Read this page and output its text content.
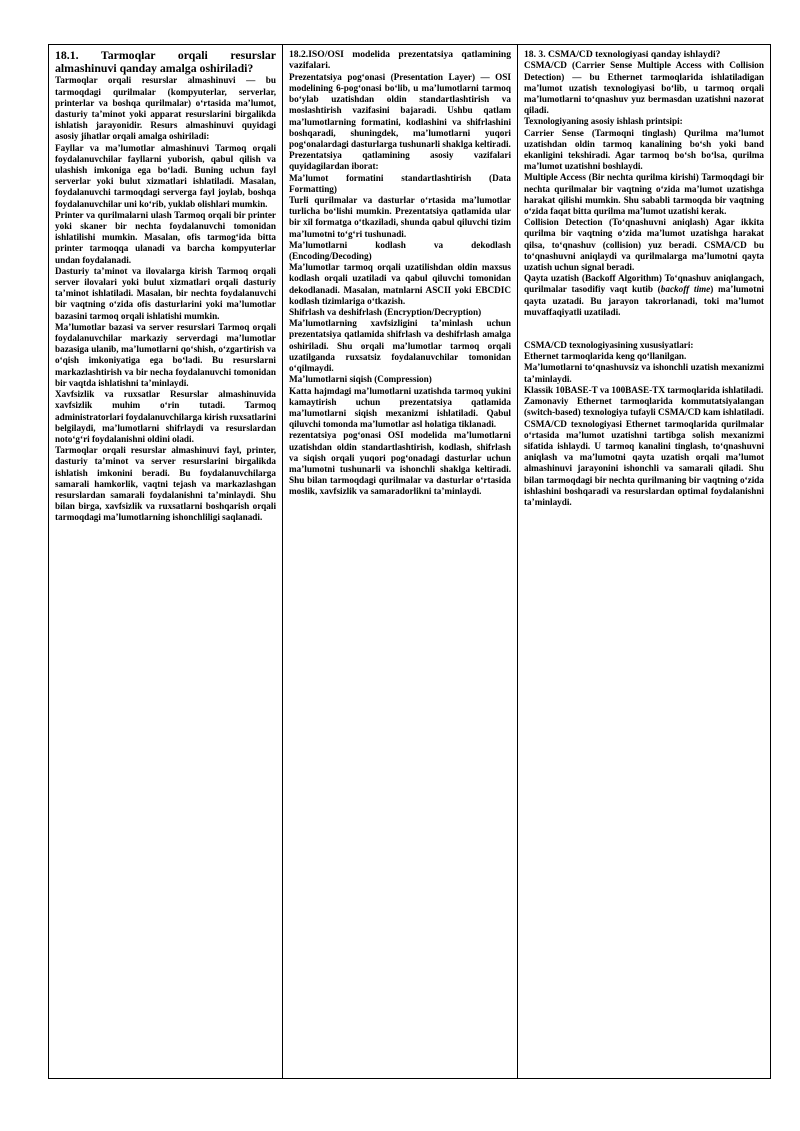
18.1. Tarmoqlar orqali resurslar almashinuvi qanday amalga oshiriladi?

Tarmoqlar orqali resurslar almashinuvi — bu tarmoqdagi qurilmalar (kompyuterlar, serverlar, printerlar va boshqa qurilmalar) o‘rtasida ma’lumot, dasturiy ta’minot yoki apparat resurslarini birgalikda ishlatish jarayonidir. Resurs almashinuvi quyidagi asosiy jihatlar orqali amalga oshiriladi:

Fayllar va ma’lumotlar almashinuvi Tarmoq orqali foydalanuvchilar fayllarni yuborish, qabul qilish va ulashish imkoniga ega bo‘ladi. Buning uchun fayl serverlar yoki bulut xizmatlari ishlatiladi. Masalan, foydalanuvchi tarmoqdagi serverga fayl joylab, boshqa foydalanuvchilar uni ko‘rib, yuklab olishlari mumkin.

Printer va qurilmalarni ulash Tarmoq orqali bir printer yoki skaner bir nechta foydalanuvchi tomonidan ishlatilishi mumkin. Masalan, ofis tarmog‘ida bitta printer tarmoqqa ulanadi va barcha kompyuterlar undan foydalanadi.

Dasturiy ta’minot va ilovalarga kirish Tarmoq orqali server ilovalari yoki bulut xizmatlari orqali dasturiy ta’minot ishlatiladi. Masalan, bir nechta foydalanuvchi bir vaqtning o‘zida ofis dasturlarini yoki ma’lumotlar bazasini tarmoq orqali ishlatishi mumkin.

Ma’lumotlar bazasi va server resurslari Tarmoq orqali foydalanuvchilar markaziy serverdagi ma’lumotlar bazasiga ulanib, ma’lumotlarni qo‘shish, o‘zgartirish va o‘qish imkoniyatiga ega bo‘ladi. Bu resurslarni markazlashtirish va bir necha foydalanuvchi tomonidan bir vaqtda ishlatishni ta’minlaydi.

Xavfsizlik va ruxsatlar Resurslar almashinuvida xavfsizlik muhim o‘rin tutadi. Tarmoq administratorlari foydalanuvchilarga kirish ruxsatlarini belgilaydi, ma’lumotlarni shifrlaydi va resurslardan noto‘g‘ri foydalanishni oldini oladi.

Tarmoqlar orqali resurslar almashinuvi fayl, printer, dasturiy ta’minot va server resurslarini birgalikda ishlatish imkonini beradi. Bu foydalanuvchilarga samarali hamkorlik, vaqtni tejash va markazlashgan resurslardan samarali foydalanishni ta’minlaydi. Shu bilan birga, xavfsizlik va ruxsatlarni boshqarish orqali tarmoqdagi ma’lumotlarning ishonchliligi saqlanadi.

18.2.ISO/OSI modelida prezentatsiya qatlamining vazifalari.

Prezentatsiya pog‘onasi (Presentation Layer) — OSI modelining 6-pog‘onasi bo‘lib, u ma’lumotlarni tarmoq bo‘ylab uzatishdan oldin standartlashtirish va moslashtirish vazifasini bajaradi. Ushbu qatlam ma’lumotlarning formatini, kodlashini va shifrlashini boshqaradi, shuningdek, ma’lumotlarni yuqori pog‘onalardagi dasturlarga tushunarli shaklga keltiradi.

Prezentatsiya qatlamining asosiy vazifalari quyidagilardan iborat:

Ma’lumot formatini standartlashtirish (Data Formatting)

Turli qurilmalar va dasturlar o‘rtasida ma’lumotlar turlicha bo‘lishi mumkin. Prezentatsiya qatlamida ular bir xil formatga o‘tkaziladi, shunda qabul qiluvchi tizim ma’lumotni to‘g‘ri tushunadi.

Ma’lumotlarni kodlash va dekodlash (Encoding/Decoding)

Ma’lumotlar tarmoq orqali uzatilishdan oldin maxsus kodlash orqali uzatiladi va qabul qiluvchi tomonidan dekodlanadi. Masalan, matnlarni ASCII yoki EBCDIC kodlash tizimlariga o‘tkazish.

Shifrlash va deshifrlash (Encryption/Decryption)

Ma’lumotlarning xavfsizligini ta’minlash uchun prezentatsiya qatlamida shifrlash va deshifrlash amalga oshiriladi. Shu orqali ma’lumotlar tarmoq orqali uzatilganda ruxsatsiz foydalanuvchilar tomonidan o‘qilmaydi.

Ma’lumotlarni siqish (Compression)

Katta hajmdagi ma’lumotlarni uzatishda tarmoq yukini kamaytirish uchun prezentatsiya qatlamida ma’lumotlarni siqish mexanizmi ishlatiladi. Qabul qiluvchi tomonda ma’lumotlar asl holatiga tiklanadi.

rezentatsiya pog‘onasi OSI modelida ma’lumotlarni uzatishdan oldin standartlashtirish, kodlash, shifrlash va siqish orqali yuqori pog‘onadagi dasturlar uchun ma’lumotni tushunarli va ishonchli shaklga keltiradi. Shu bilan tarmoqdagi qurilmalar va dasturlar o‘rtasida moslik, xavfsizlik va samaradorlikni ta’minlaydi.

18. 3. CSMA/CD texnologiyasi qanday ishlaydi?

CSMA/CD (Carrier Sense Multiple Access with Collision Detection) — bu Ethernet tarmoqlarida ishlatiladigan ma’lumot uzatish texnologiyasi bo‘lib, u tarmoq orqali ma’lumotlarni to‘qnashuv yuz bermasdan uzatishni nazorat qiladi.

Texnologiyaning asosiy ishlash printsipi:

Carrier Sense (Tarmoqni tinglash) Qurilma ma’lumot uzatishdan oldin tarmoq kanalining bo‘sh yoki band ekanligini tekshiradi. Agar tarmoq bo‘sh bo‘lsa, qurilma ma’lumot uzatishni boshlaydi.

Multiple Access (Bir nechta qurilma kirishi) Tarmoqdagi bir nechta qurilmalar bir vaqtning o‘zida ma’lumot uzatishga harakat qilishi mumkin. Shu sababli tarmoqda bir vaqtning o‘zida faqat bitta qurilma ma’lumot uzatishi kerak.

Collision Detection (To‘qnashuvni aniqlash) Agar ikkita qurilma bir vaqtning o‘zida ma’lumot uzatishga harakat qilsa, to‘qnashuv (collision) yuz beradi. CSMA/CD bu to‘qnashuvni aniqlaydi va qurilmalarga ma’lumotni qayta uzatish uchun signal beradi.

Qayta uzatish (Backoff Algorithm) To‘qnashuv aniqlangach, qurilmalar tasodifiy vaqt kutib (backoff time) ma’lumotni qayta uzatadi. Bu jarayon takrorlanadi, toki ma’lumot muvaffaqiyatli uzatiladi.

CSMA/CD texnologiyasining xususiyatlari:

Ethernet tarmoqlarida keng qo‘llanilgan.

Ma’lumotlarni to‘qnashuvsiz va ishonchli uzatish mexanizmi ta’minlaydi.

Klassik 10BASE-T va 100BASE-TX tarmoqlarida ishlatiladi.

Zamonaviy Ethernet tarmoqlarida kommutatsiyalangan (switch-based) texnologiya tufayli CSMA/CD kam ishlatiladi.

CSMA/CD texnologiyasi Ethernet tarmoqlarida qurilmalar o‘rtasida ma’lumot uzatishni tartibga solish mexanizmi sifatida ishlaydi. U tarmoq kanalini tinglash, to‘qnashuvni aniqlash va ma’lumotni qayta uzatish orqali ma’lumot almashinuvi jarayonini ishonchli va samarali qiladi. Shu bilan tarmoqdagi bir nechta qurilmaning bir vaqtning o‘zida ishlashini boshqaradi va resurslardan optimal foydalanishni ta’minlaydi.
